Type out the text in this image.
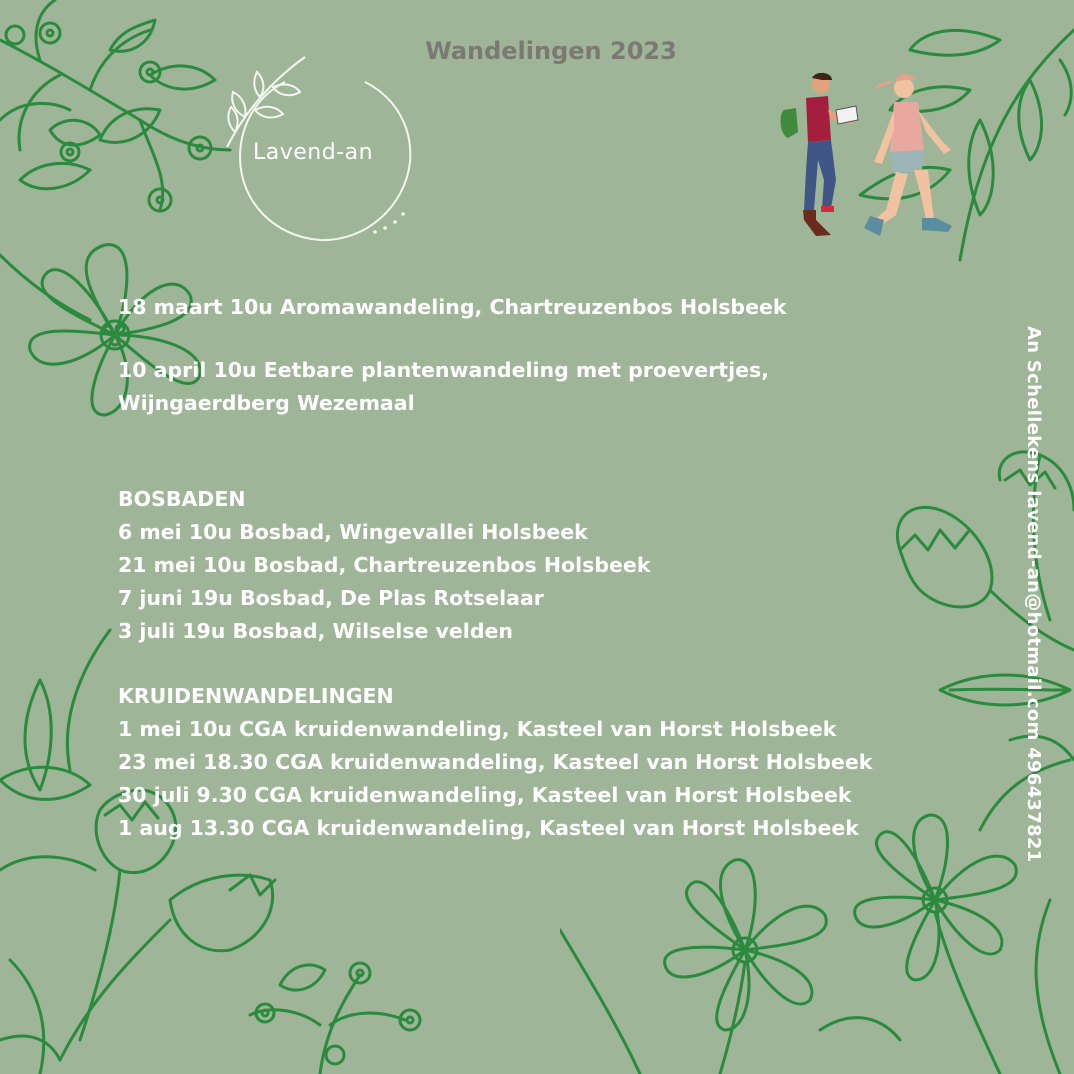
Lavend-an
Wandelingen 2023
18 maart 10u Aromawandeling, Chartreuzenbos Holsbeek
10 april 10u Eetbare plantenwandeling met proevertjes,
Wijngaerdberg Wezemaal
BOSBADEN
6 mei 10u Bosbad, Wingevallei Holsbeek
21 mei 10u Bosbad, Chartreuzenbos Holsbeek
7 juni 19u Bosbad, De Plas Rotselaar
3 juli 19u Bosbad, Wilselse velden
KRUIDENWANDELINGEN
1 mei 10u CGA kruidenwandeling, Kasteel van Horst Holsbeek
23 mei 18.30 CGA kruidenwandeling, Kasteel van Horst Holsbeek
30 juli 9.30 CGA kruidenwandeling, Kasteel van Horst Holsbeek
1 aug 13.30 CGA kruidenwandeling, Kasteel van Horst Holsbeek	An Schellekens lavend-an@hotmail.com 496437821
